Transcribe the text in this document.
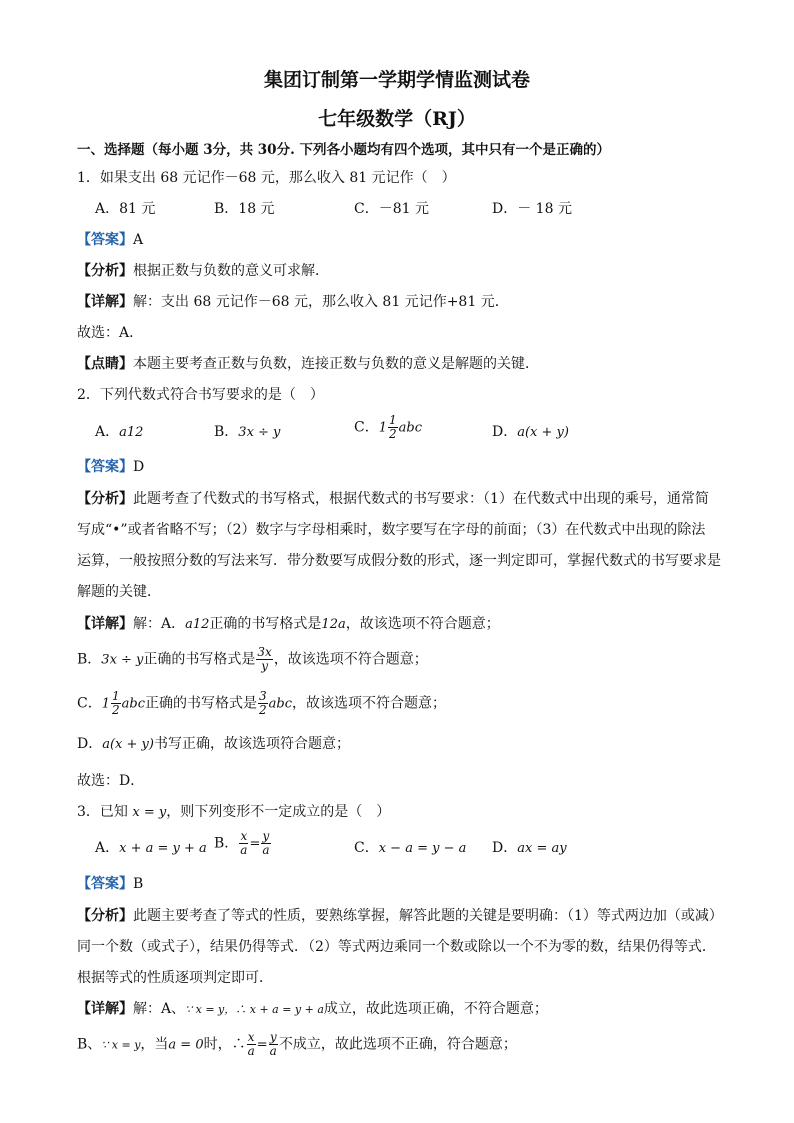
集团订制第一学期学情监测试卷
七年级数学（RJ）
一、选择题（每小题 3分，共 30分. 下列各小题均有四个选项，其中只有一个是正确的）
1．如果支出 68 元记作－68 元，那么收入 81 元记作（　）
A．81 元	B．18 元	C．－81 元	D．－ 18 元
【答案】A
【分析】根据正数与负数的意义可求解．
【详解】解：支出 68 元记作－68 元，那么收入 81 元记作+81 元．
故选：A．
【点睛】本题主要考查正数与负数，连接正数与负数的意义是解题的关键．
2．下列代数式符合书写要求的是（　）
A．a12	B．3x ÷ y	C．$1 \frac{1}{2}$ abc	D．a(x + y)
【答案】D
【分析】此题考查了代数式的书写格式，根据代数式的书写要求：（1）在代数式中出现的乘号，通常简
写成“•”或者省略不写；（2）数字与字母相乘时，数字要写在字母的前面；（3）在代数式中出现的除法
运算，一般按照分数的写法来写．带分数要写成假分数的形式，逐一判定即可，掌握代数式的书写要求是
解题的关键．
【详解】解：A．a12正确的书写格式是12a，故该选项不符合题意；
B．3x ÷ y正确的书写格式是 $\frac{3x}{y}$ ，故该选项不符合题意；
C．$1 \frac{1}{2}$ abc正确的书写格式是 $\frac{3}{2}$ abc，故该选项不符合题意；
D．a(x + y)书写正确，故该选项符合题意；
故选：D．
3．已知 x = y，则下列变形不一定成立的是（　）
A．x + a = y + a B． $\frac{x}{a} = \frac{y}{a}$	C．x − a = y − a D．ax = ay
【答案】B
【分析】此题主要考查了等式的性质，要熟练掌握，解答此题的关键是要明确：（1）等式两边加（或减）
同一个数（或式子），结果仍得等式．（2）等式两边乘同一个数或除以一个不为零的数，结果仍得等式．
根据等式的性质逐项判定即可．
【详解】解：A、∵ x = y，∴ x + a = y + a成立，故此选项正确，不符合题意；
B、∵ x = y，当a = 0时，∴ $\frac{x}{a} = \frac{y}{a}$ 不成立，故此选项不正确，符合题意；
